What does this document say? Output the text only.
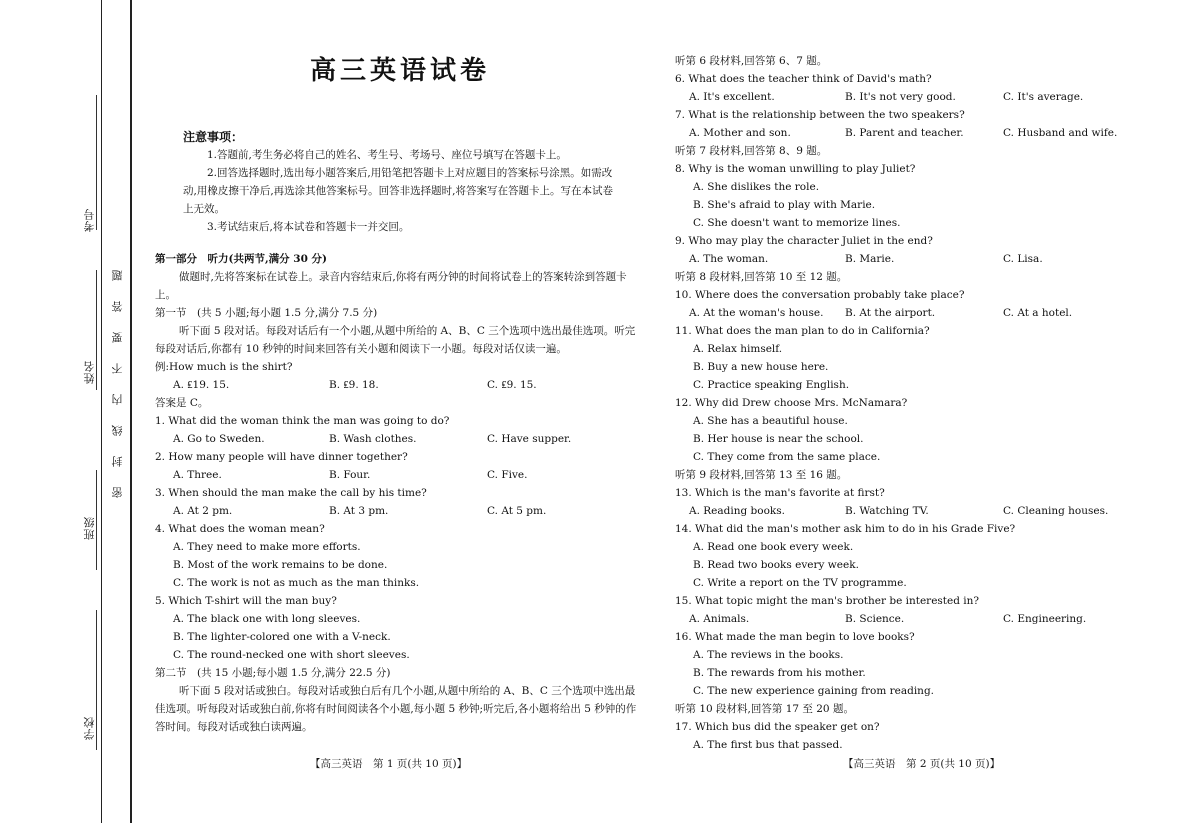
考号
姓名
班级
学校
题
答
要
不
内
线
封
密
高三英语试卷
注意事项：
1.答题前,考生务必将自己的姓名、考生号、考场号、座位号填写在答题卡上。
2.回答选择题时,选出每小题答案后,用铅笔把答题卡上对应题目的答案标号涂黑。如需改动,用橡皮擦干净后,再选涂其他答案标号。回答非选择题时,将答案写在答题卡上。写在本试卷上无效。
3.考试结束后,将本试卷和答题卡一并交回。
第一部分　听力(共两节,满分 30 分)
做题时,先将答案标在试卷上。录音内容结束后,你将有两分钟的时间将试卷上的答案转涂到答题卡上。
第一节　(共 5 小题;每小题 1.5 分,满分 7.5 分)
听下面 5 段对话。每段对话后有一个小题,从题中所给的 A、B、C 三个选项中选出最佳选项。听完每段对话后,你都有 10 秒钟的时间来回答有关小题和阅读下一小题。每段对话仅读一遍。
例:How much is the shirt?
A. ₤19. 15.	B. ₤9. 18.	C. ₤9. 15.
答案是 C。
1. What did the woman think the man was going to do?
A. Go to Sweden.	B. Wash clothes.	C. Have supper.
2. How many people will have dinner together?
A. Three.	B. Four.	C. Five.
3. When should the man make the call by his time?
A. At 2 pm.	B. At 3 pm.	C. At 5 pm.
4. What does the woman mean?
A. They need to make more efforts.
B. Most of the work remains to be done.
C. The work is not as much as the man thinks.
5. Which T-shirt will the man buy?
A. The black one with long sleeves.
B. The lighter-colored one with a V-neck.
C. The round-necked one with short sleeves.
第二节　(共 15 小题;每小题 1.5 分,满分 22.5 分)
听下面 5 段对话或独白。每段对话或独白后有几个小题,从题中所给的 A、B、C 三个选项中选出最佳选项。听每段对话或独白前,你将有时间阅读各个小题,每小题 5 秒钟;听完后,各小题将给出 5 秒钟的作答时间。每段对话或独白读两遍。
【高三英语　第 1 页(共 10 页)】
听第 6 段材料,回答第 6、7 题。
6. What does the teacher think of David's math?
A. It's excellent.	B. It's not very good.	C. It's average.
7. What is the relationship between the two speakers?
A. Mother and son.	B. Parent and teacher.	C. Husband and wife.
听第 7 段材料,回答第 8、9 题。
8. Why is the woman unwilling to play Juliet?
A. She dislikes the role.
B. She's afraid to play with Marie.
C. She doesn't want to memorize lines.
9. Who may play the character Juliet in the end?
A. The woman.	B. Marie.	C. Lisa.
听第 8 段材料,回答第 10 至 12 题。
10. Where does the conversation probably take place?
A. At the woman's house.	B. At the airport.	C. At a hotel.
11. What does the man plan to do in California?
A. Relax himself.
B. Buy a new house here.
C. Practice speaking English.
12. Why did Drew choose Mrs. McNamara?
A. She has a beautiful house.
B. Her house is near the school.
C. They come from the same place.
听第 9 段材料,回答第 13 至 16 题。
13. Which is the man's favorite at first?
A. Reading books.	B. Watching TV.	C. Cleaning houses.
14. What did the man's mother ask him to do in his Grade Five?
A. Read one book every week.
B. Read two books every week.
C. Write a report on the TV programme.
15. What topic might the man's brother be interested in?
A. Animals.	B. Science.	C. Engineering.
16. What made the man begin to love books?
A. The reviews in the books.
B. The rewards from his mother.
C. The new experience gaining from reading.
听第 10 段材料,回答第 17 至 20 题。
17. Which bus did the speaker get on?
A. The first bus that passed.
【高三英语　第 2 页(共 10 页)】
